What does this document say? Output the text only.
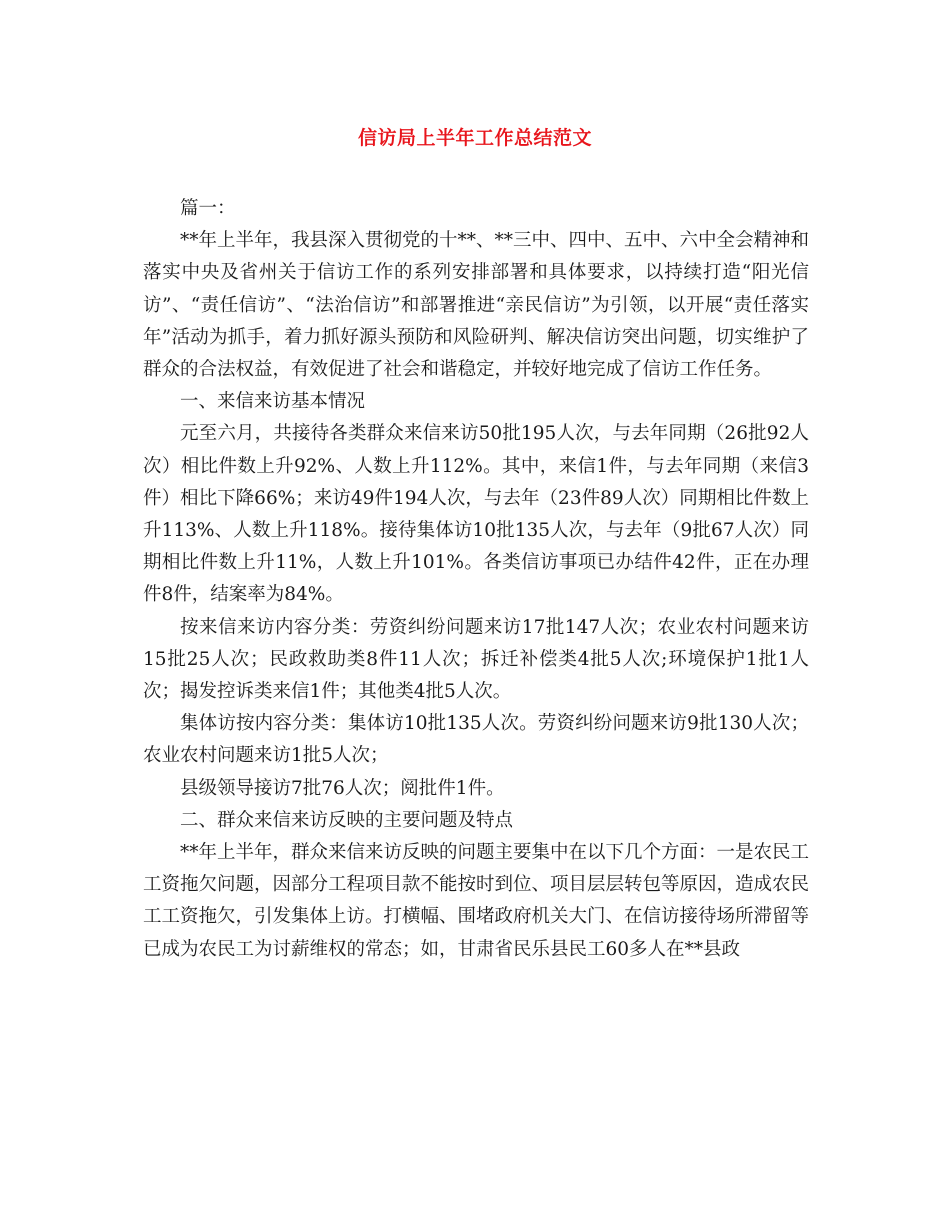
信访局上半年工作总结范文

篇一：

**年上半年，我县深入贯彻党的十**、**三中、四中、五中、六中全会精神和落实中央及省州关于信访工作的系列安排部署和具体要求，以持续打造“阳光信访”、“责任信访”、“法治信访”和部署推进“亲民信访”为引领，以开展“责任落实年”活动为抓手，着力抓好源头预防和风险研判、解决信访突出问题，切实维护了群众的合法权益，有效促进了社会和谐稳定，并较好地完成了信访工作任务。

一、来信来访基本情况

元至六月，共接待各类群众来信来访50批195人次，与去年同期（26批92人次）相比件数上升92%、人数上升112%。其中，来信1件，与去年同期（来信3件）相比下降66%；来访49件194人次，与去年（23件89人次）同期相比件数上升113%、人数上升118%。接待集体访10批135人次，与去年（9批67人次）同期相比件数上升11%，人数上升101%。各类信访事项已办结件42件，正在办理件8件，结案率为84%。

按来信来访内容分类：劳资纠纷问题来访17批147人次；农业农村问题来访15批25人次；民政救助类8件11人次；拆迁补偿类4批5人次;环境保护1批1人次；揭发控诉类来信1件；其他类4批5人次。

集体访按内容分类：集体访10批135人次。劳资纠纷问题来访9批130人次；农业农村问题来访1批5人次；

县级领导接访7批76人次；阅批件1件。

二、群众来信来访反映的主要问题及特点

**年上半年，群众来信来访反映的问题主要集中在以下几个方面：一是农民工工资拖欠问题，因部分工程项目款不能按时到位、项目层层转包等原因，造成农民工工资拖欠，引发集体上访。打横幅、围堵政府机关大门、在信访接待场所滞留等已成为农民工为讨薪维权的常态；如，甘肃省民乐县民工60多人在**县政
